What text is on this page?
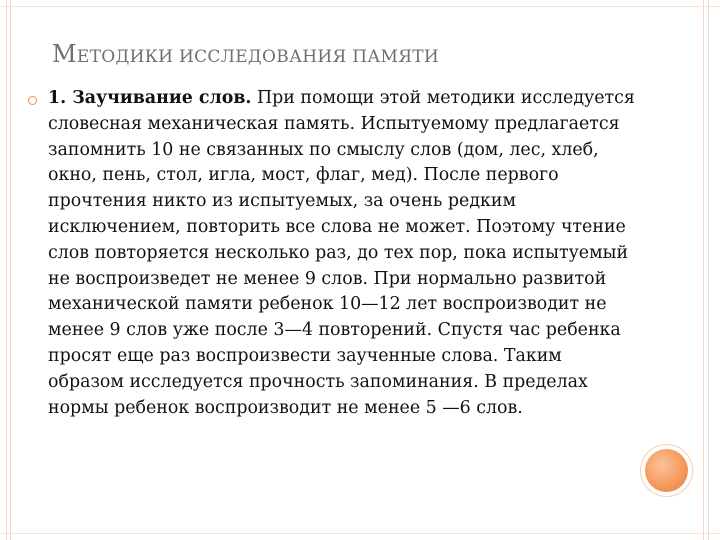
МЕТОДИКИ ИССЛЕДОВАНИЯ ПАМЯТИ
1. Заучивание слов. При помощи этой методики исследуется словесная механическая память. Испытуемому предлагается запомнить 10 не связанных по смыслу слов (дом, лес, хлеб, окно, пень, стол, игла, мост, флаг, мед). После первого прочтения никто из испытуемых, за очень редким исключением, повторить все слова не может. Поэтому чтение слов повторяется несколько раз, до тех пор, пока испытуемый не воспроизведет не менее 9 слов. При нормально развитой механической памяти ребенок 10—12 лет воспроизводит не менее 9 слов уже после 3—4 повторений. Спустя час ребенка просят еще раз воспроизвести заученные слова. Таким образом исследуется прочность запоминания. В пределах нормы ребенок воспроизводит не менее 5 —6 слов.
